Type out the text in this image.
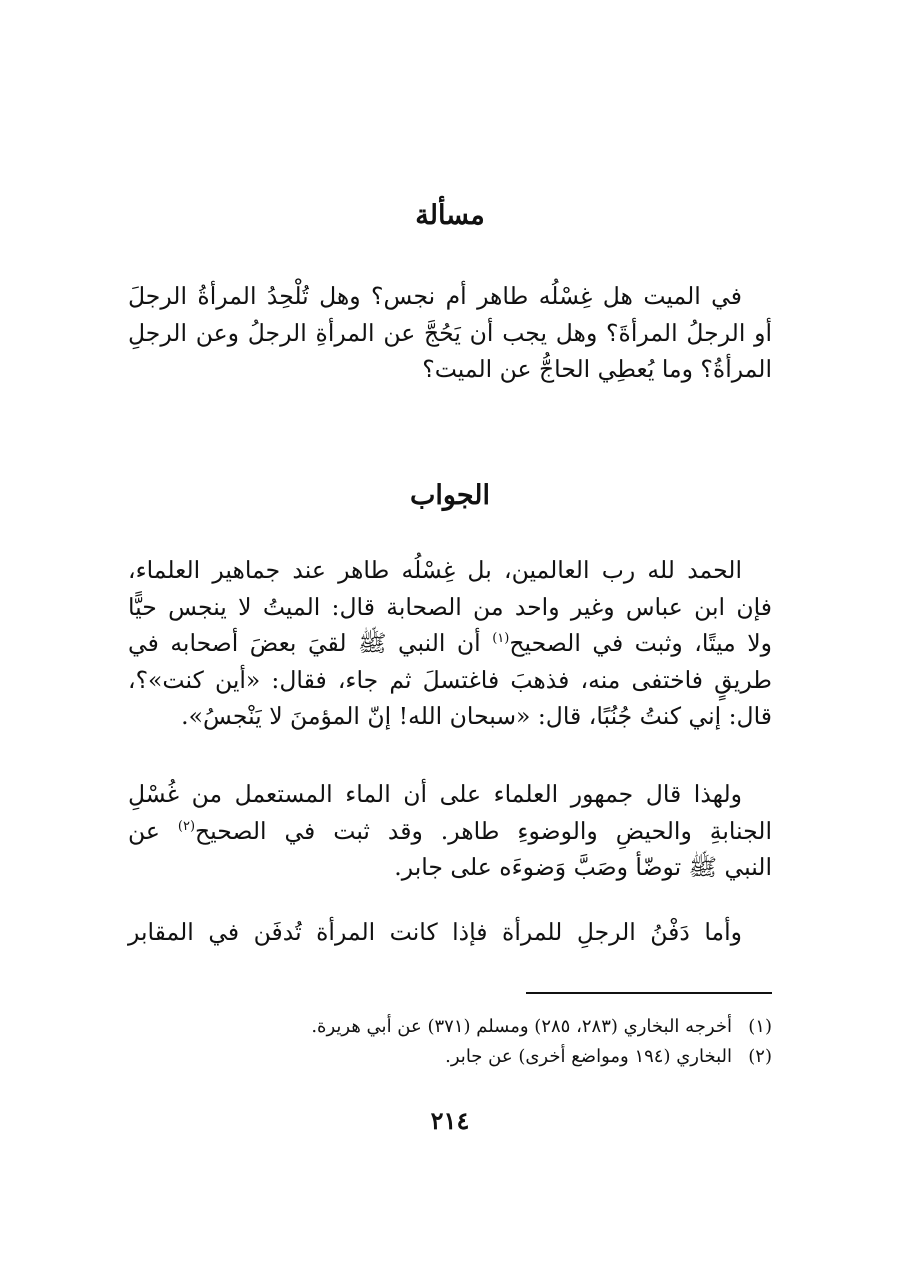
مسألة
في الميت هل غِسْلُه طاهر أم نجس؟ وهل تُلْحِدُ المرأةُ الرجلَ
أو الرجلُ المرأةَ؟ وهل يجب أن يَحُجَّ عن المرأةِ الرجلُ وعن الرجلِ
المرأةُ؟ وما يُعطِي الحاجُّ عن الميت؟
الجواب
الحمد لله رب العالمين، بل غِسْلُه طاهر عند جماهير العلماء،
فإن ابن عباس وغير واحد من الصحابة قال: الميتُ لا ينجس حيًّا
ولا ميتًا، وثبت في الصحيح$^{(١)}$ أن النبي ﷺ لقيَ بعضَ أصحابه في
طريقٍ فاختفى منه، فذهبَ فاغتسلَ ثم جاء، فقال: «أين كنت»؟،
قال: إني كنتُ جُنُبًا، قال: «سبحان الله! إنّ المؤمنَ لا يَنْجسُ».
ولهذا قال جمهور العلماء على أن الماء المستعمل من غُسْلِ
الجنابةِ والحيضِ والوضوءِ طاهر. وقد ثبت في الصحيح$^{(٢)}$ عن
النبي ﷺ توضّأ وصَبَّ وَضوءَه على جابر.
وأما دَفْنُ الرجلِ للمرأة فإذا كانت المرأة تُدفَن في المقابر
(١)أخرجه البخاري (٢٨٣، ٢٨٥) ومسلم (٣٧١) عن أبي هريرة.
(٢)البخاري (١٩٤ ومواضع أخرى) عن جابر.
٢١٤
